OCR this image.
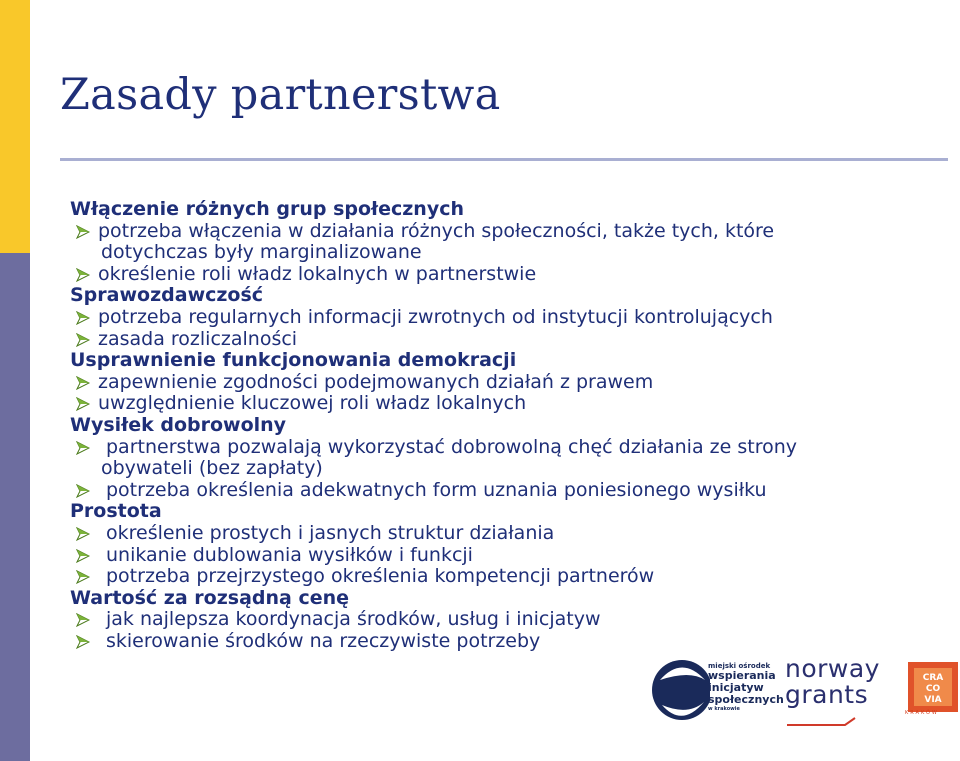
Zasady partnerstwa
Włączenie różnych grup społecznych
potrzeba włączenia w działania różnych społeczności, także tych, które
dotychczas były marginalizowane
określenie roli władz lokalnych w partnerstwie
Sprawozdawczość
potrzeba regularnych informacji zwrotnych od instytucji kontrolujących
zasada rozliczalności
Usprawnienie funkcjonowania demokracji
zapewnienie zgodności podejmowanych działań z prawem
uwzględnienie kluczowej roli władz lokalnych
Wysiłek dobrowolny
partnerstwa pozwalają wykorzystać dobrowolną chęć działania ze strony
obywateli (bez zapłaty)
potrzeba określenia adekwatnych form uznania poniesionego wysiłku
Prostota
określenie prostych i jasnych struktur działania
unikanie dublowania wysiłków i funkcji
potrzeba przejrzystego określenia kompetencji partnerów
Wartość za rozsądną cenę
jak najlepsza koordynacja środków, usług i inicjatyw
skierowanie środków na rzeczywiste potrzeby
miejski ośrodek
wspierania
inicjatyw
społecznych
w krakowie
norway
grants
CRA
CO
VIA
KRAKÓW
